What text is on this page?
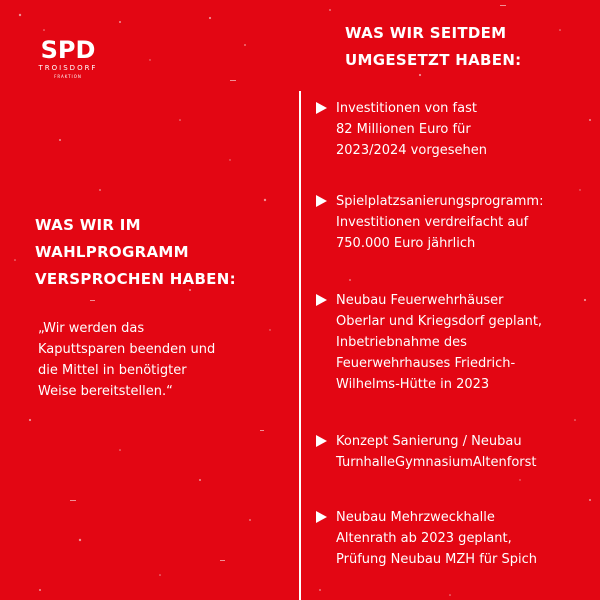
SPD
TROISDORF
FRAKTION
WAS WIR IM
WAHLPROGRAMM
VERSPROCHEN HABEN:
„Wir werden das
Kaputtsparen beenden und
die Mittel in benötigter
Weise bereitstellen.“
WAS WIR SEITDEM
UMGESETZT HABEN:
Investitionen von fast
82 Millionen Euro für
2023/2024 vorgesehen
Spielplatzsanierungsprogramm:
Investitionen verdreifacht auf
750.000 Euro jährlich
Neubau Feuerwehrhäuser
Oberlar und Kriegsdorf geplant,
Inbetriebnahme des
Feuerwehrhauses Friedrich-
Wilhelms-Hütte in 2023
Konzept Sanierung / Neubau
TurnhalleGymnasiumAltenforst
Neubau Mehrzweckhalle
Altenrath ab 2023 geplant,
Prüfung Neubau MZH für Spich
